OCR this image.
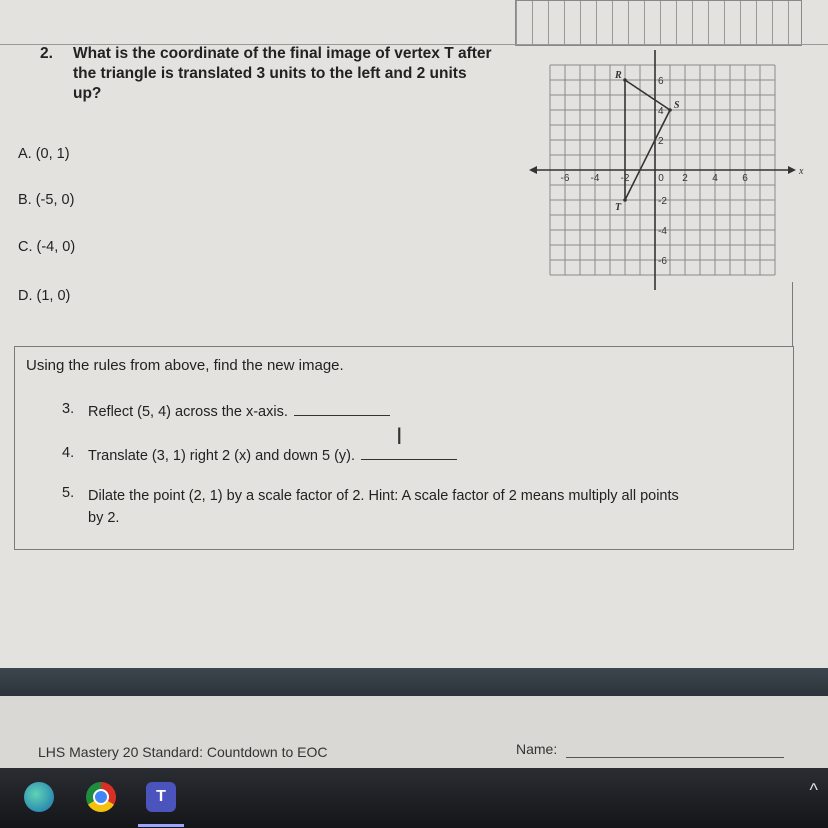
2. What is the coordinate of the final image of vertex T after the triangle is translated 3 units to the left and 2 units up?
A. (0, 1)
B. (-5, 0)
C. (-4, 0)
D. (1, 0)
x
-6 -4 -2	0 2 4 6
6
4
2
-2
-4
-6
R
S
T
Using the rules from above, find the new image.
3. Reflect (5, 4) across the x-axis.
4. Translate (3, 1) right 2 (x) and down 5 (y).
5. Dilate the point (2, 1) by a scale factor of 2. Hint: A scale factor of 2 means multiply all points
by 2.
I
LHS Mastery 20 Standard: Countdown to EOC	Name:
T	^
